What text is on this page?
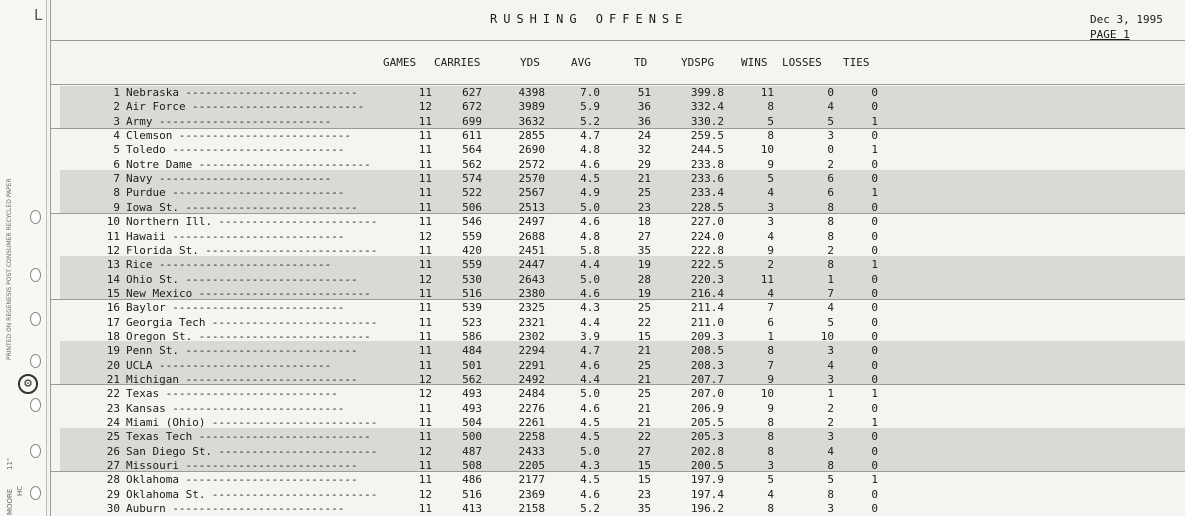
L
⚙
PRINTED ON REGENESIS POST CONSUMER RECYCLED PAPER
11"
HC
MOORE
RUSHING OFFENSE	Dec 3, 1995
PAGE 1
GAMES CARRIES	YDS	AVG	TD	YDSPG WINS LOSSES TIES
1 Nebraska --------------------------	11	627	4398	7.0	51	399.8	11	0	0
2 Air Force --------------------------	12	672	3989	5.9	36	332.4	8	4	0
3 Army --------------------------	11	699	3632	5.2	36	330.2	5	5	1
4 Clemson --------------------------	11	611	2855	4.7	24	259.5	8	3	0
5 Toledo --------------------------	11	564	2690	4.8	32	244.5	10	0	1
6 Notre Dame --------------------------	11	562	2572	4.6	29	233.8	9	2	0
7 Navy --------------------------	11	574	2570	4.5	21	233.6	5	6	0
8 Purdue --------------------------	11	522	2567	4.9	25	233.4	4	6	1
9 Iowa St. --------------------------	11	506	2513	5.0	23	228.5	3	8	0
10 Northern Ill. ------------------------	11	546	2497	4.6	18	227.0	3	8	0
11 Hawaii --------------------------	12	559	2688	4.8	27	224.0	4	8	0
12 Florida St. --------------------------	11	420	2451	5.8	35	222.8	9	2	0
13 Rice --------------------------	11	559	2447	4.4	19	222.5	2	8	1
14 Ohio St. --------------------------	12	530	2643	5.0	28	220.3	11	1	0
15 New Mexico --------------------------	11	516	2380	4.6	19	216.4	4	7	0
16 Baylor --------------------------	11	539	2325	4.3	25	211.4	7	4	0
17 Georgia Tech -------------------------	11	523	2321	4.4	22	211.0	6	5	0
18 Oregon St. --------------------------	11	586	2302	3.9	15	209.3	1	10	0
19 Penn St. --------------------------	11	484	2294	4.7	21	208.5	8	3	0
20 UCLA --------------------------	11	501	2291	4.6	25	208.3	7	4	0
21 Michigan --------------------------	12	562	2492	4.4	21	207.7	9	3	0
22 Texas --------------------------	12	493	2484	5.0	25	207.0	10	1	1
23 Kansas --------------------------	11	493	2276	4.6	21	206.9	9	2	0
24 Miami (Ohio) -------------------------	11	504	2261	4.5	21	205.5	8	2	1
25 Texas Tech --------------------------	11	500	2258	4.5	22	205.3	8	3	0
26 San Diego St. ------------------------	12	487	2433	5.0	27	202.8	8	4	0
27 Missouri --------------------------	11	508	2205	4.3	15	200.5	3	8	0
28 Oklahoma --------------------------	11	486	2177	4.5	15	197.9	5	5	1
29 Oklahoma St. -------------------------	12	516	2369	4.6	23	197.4	4	8	0
30 Auburn --------------------------	11	413	2158	5.2	35	196.2	8	3	0
